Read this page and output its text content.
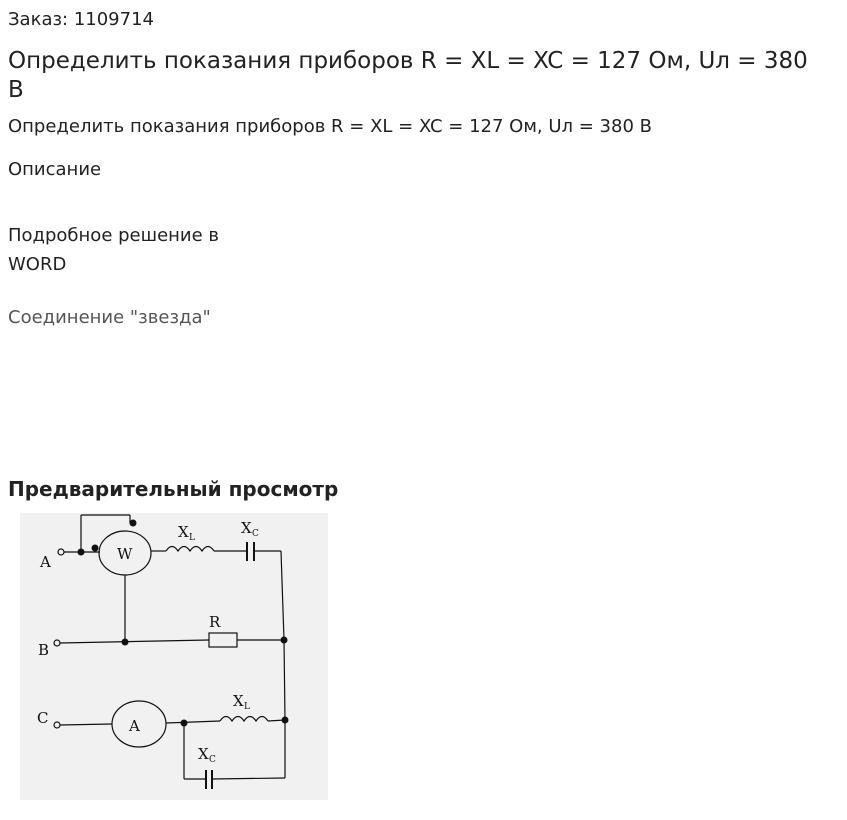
Заказ: 1109714
Определить показания приборов R = XL = XC = 127 Ом, Uл = 380 В
Определить показания приборов R = XL = XC = 127 Ом, Uл = 380 В
Описание
Подробное решение в WORD
Соединение "звезда"
Предварительный просмотр
A
B
C
W
A
X L
X C
R
X L
X C
